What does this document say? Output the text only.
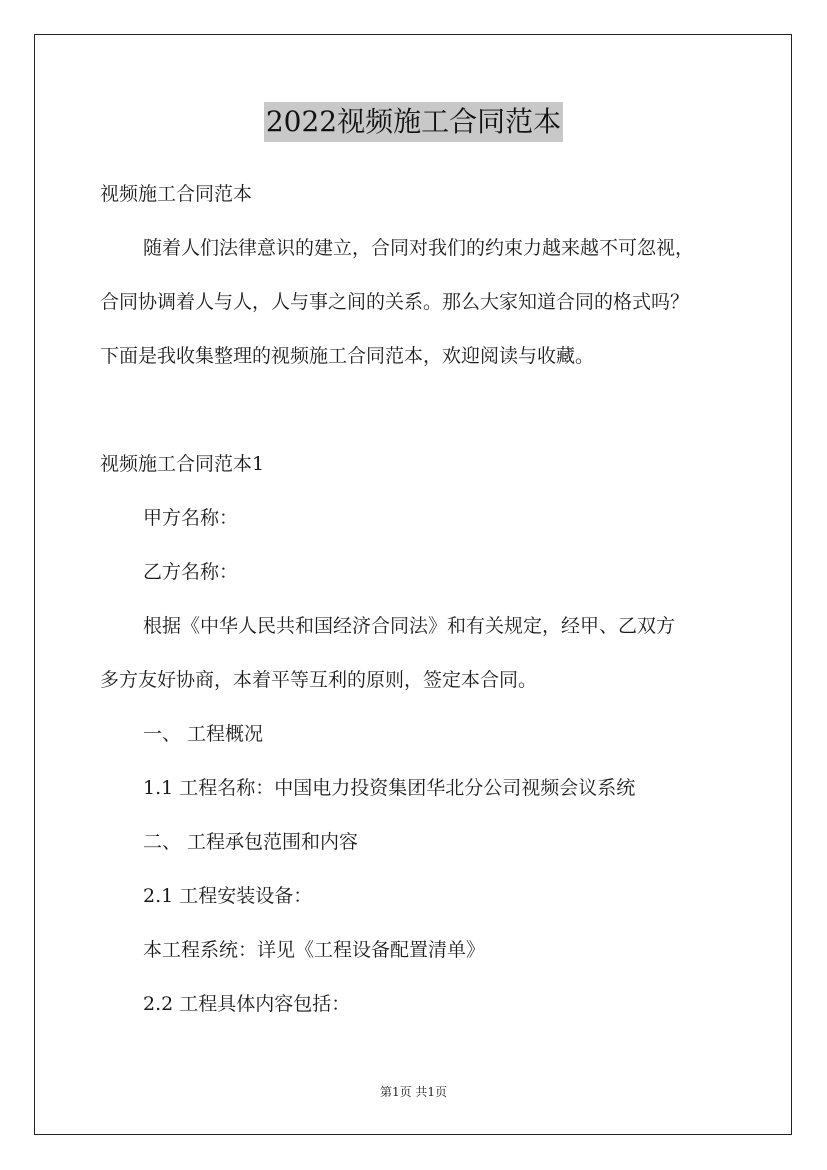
2022视频施工合同范本
视频施工合同范本
随着人们法律意识的建立，合同对我们的约束力越来越不可忽视，
合同协调着人与人，人与事之间的关系。那么大家知道合同的格式吗？
下面是我收集整理的视频施工合同范本，欢迎阅读与收藏。
视频施工合同范本1
甲方名称：
乙方名称：
根据《中华人民共和国经济合同法》和有关规定，经甲、乙双方
多方友好协商，本着平等互利的原则，签定本合同。
一、 工程概况
1.1 工程名称：中国电力投资集团华北分公司视频会议系统
二、 工程承包范围和内容
2.1 工程安装设备：
本工程系统：详见《工程设备配置清单》
2.2 工程具体内容包括：
第1页 共1页
